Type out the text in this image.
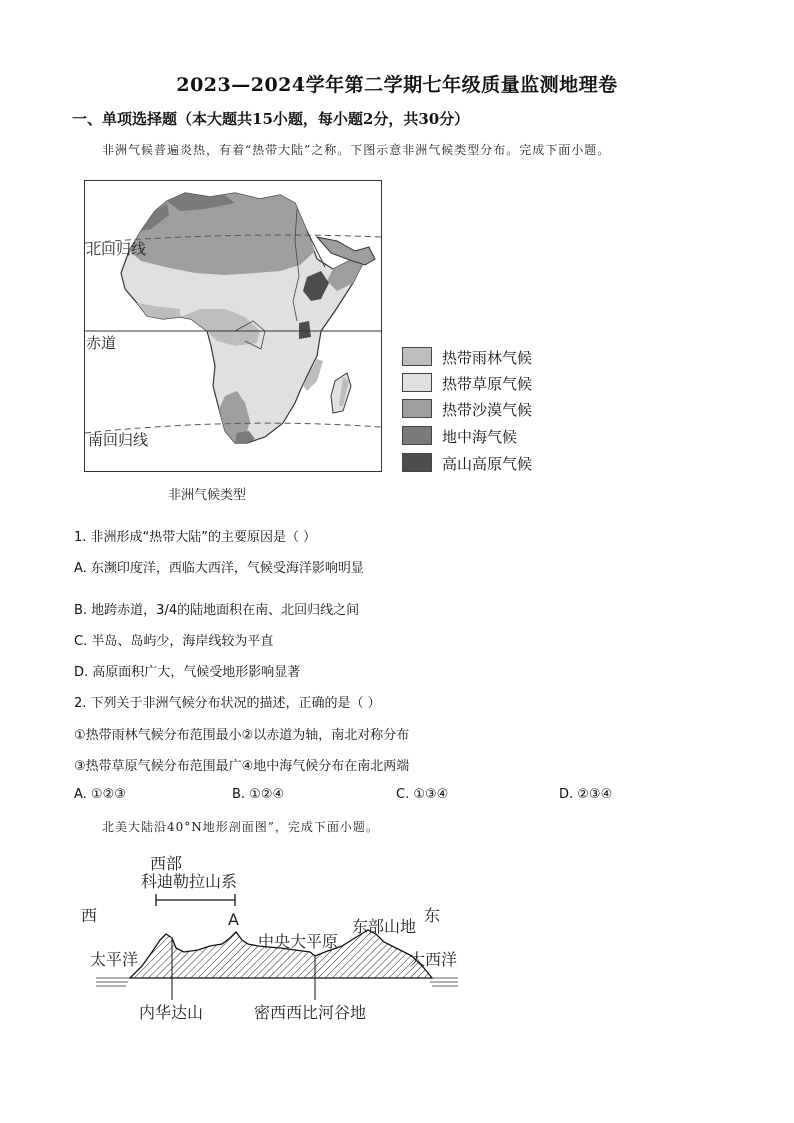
2023—2024学年第二学期七年级质量监测地理卷
一、单项选择题（本大题共15小题，每小题2分，共30分）
非洲气候普遍炎热，有着“热带大陆”之称。下图示意非洲气候类型分布。完成下面小题。
北回归线
赤道
南回归线
非洲气候类型
热带雨林气候
热带草原气候
热带沙漠气候
地中海气候
高山高原气候
1. 非洲形成“热带大陆”的主要原因是（ ）
A. 东濒印度洋，西临大西洋，气候受海洋影响明显
B. 地跨赤道，3/4的陆地面积在南、北回归线之间
C. 半岛、岛屿少，海岸线较为平直
D. 高原面积广大，气候受地形影响显著
2. 下列关于非洲气候分布状况的描述，正确的是（ ）
①热带雨林气候分布范围最小②以赤道为轴，南北对称分布
③热带草原气候分布范围最广④地中海气候分布在南北两端
A. ①②③	B. ①②④	C. ①③④	D. ②③④
北美大陆沿40°N地形剖面图”，完成下面小题。
西部
科迪勒拉山系
西	东
A
中央大平原
东部山地
太平洋	大西洋
内华达山	密西西比河谷地
